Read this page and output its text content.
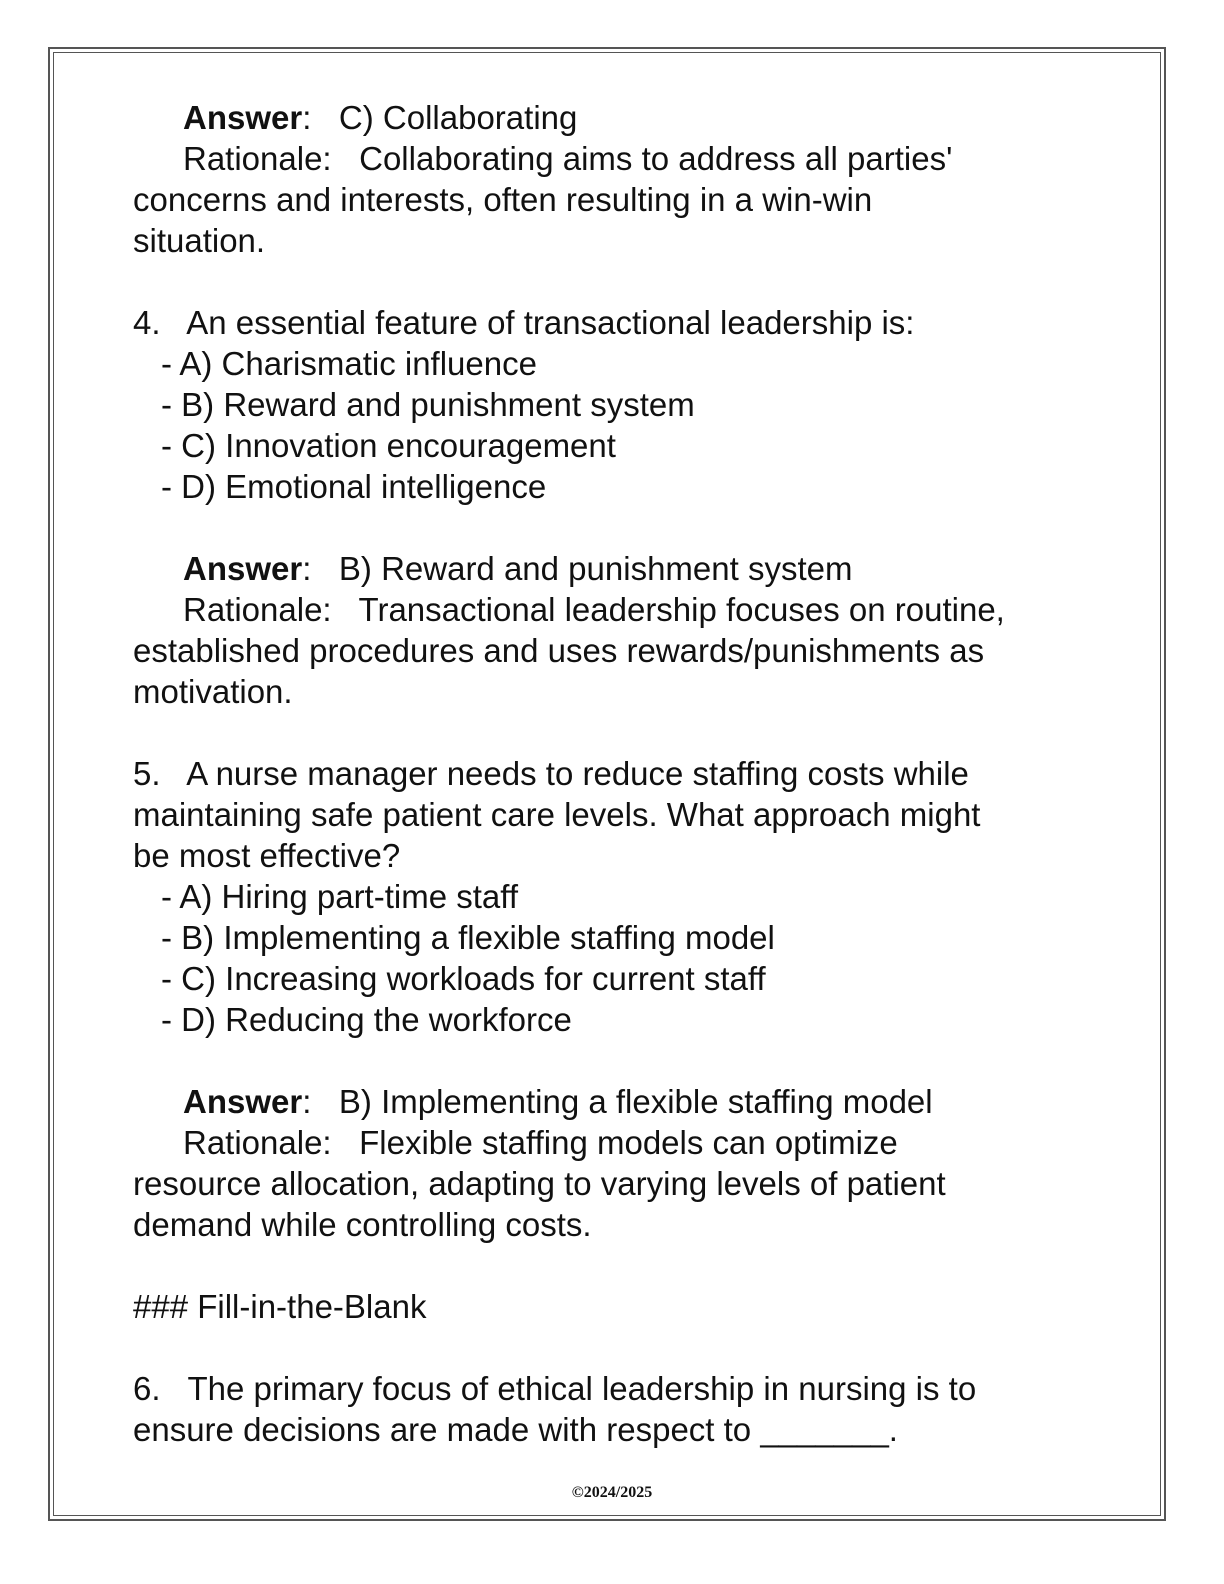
Answer:   C) Collaborating

Rationale: Collaborating aims to address all parties'

concerns and interests, often resulting in a win-win

situation.

4. An essential feature of transactional leadership is:

- A) Charismatic influence

- B) Reward and punishment system

- C) Innovation encouragement

- D) Emotional intelligence

Answer:   B) Reward and punishment system

Rationale: Transactional leadership focuses on routine,

established procedures and uses rewards/punishments as

motivation.

5. A nurse manager needs to reduce staffing costs while

maintaining safe patient care levels. What approach might

be most effective?

- A) Hiring part-time staff

- B) Implementing a flexible staffing model

- C) Increasing workloads for current staff

- D) Reducing the workforce

Answer:   B) Implementing a flexible staffing model

Rationale: Flexible staffing models can optimize

resource allocation, adapting to varying levels of patient

demand while controlling costs.

### Fill-in-the-Blank

6. The primary focus of ethical leadership in nursing is to

ensure decisions are made with respect to _______.

©2024/2025
